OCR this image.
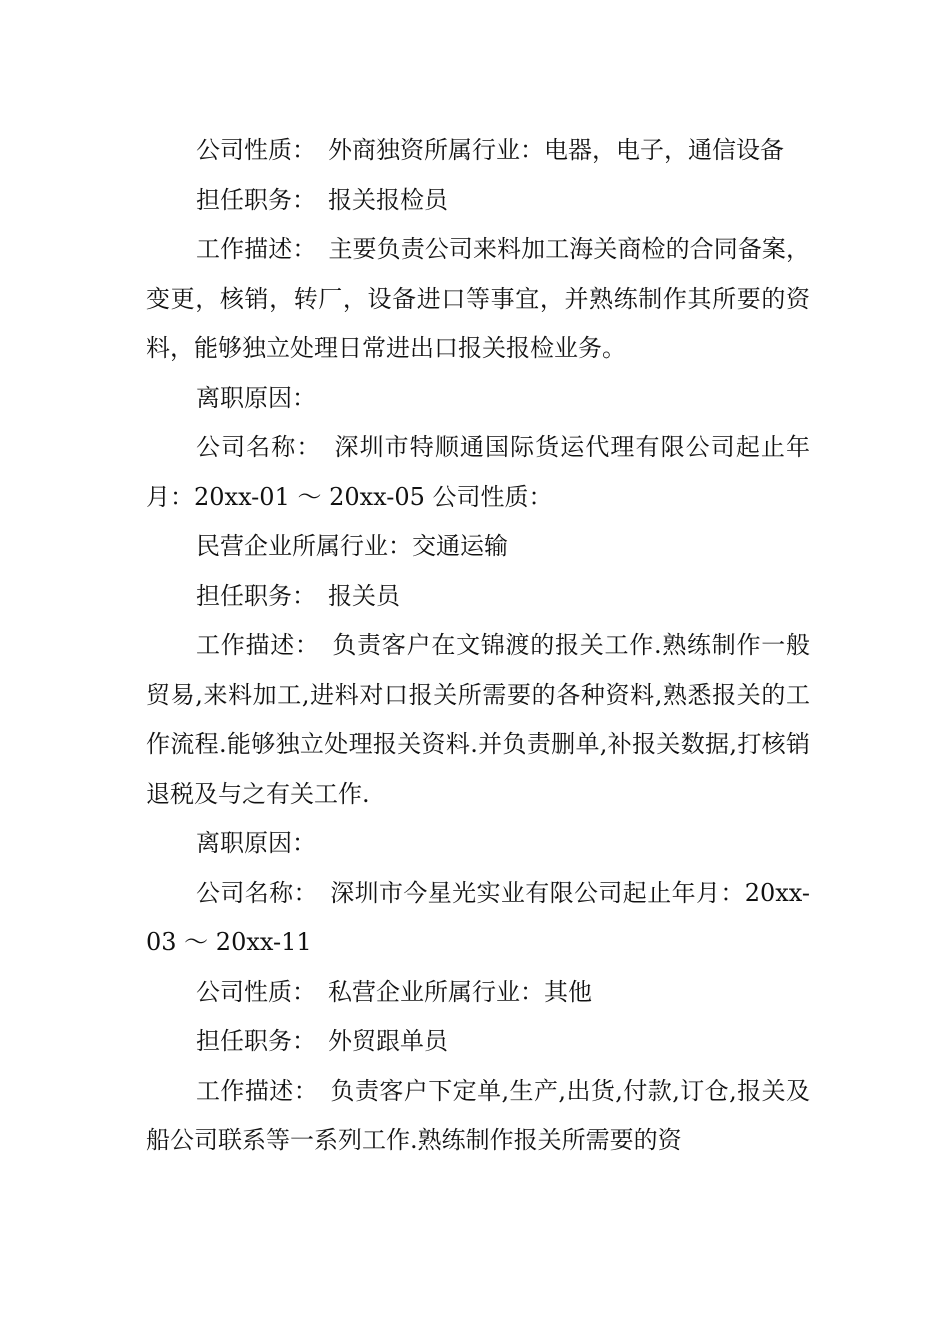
公司性质：　外商独资所属行业：电器，电子，通信设备

担任职务：　报关报检员

工作描述：　主要负责公司来料加工海关商检的合同备案，变更，核销，转厂，设备进口等事宜，并熟练制作其所要的资料，能够独立处理日常进出口报关报检业务。

离职原因：

公司名称：　深圳市特顺通国际货运代理有限公司起止年月：20xx-01 ～ 20xx-05 公司性质：

民营企业所属行业：交通运输

担任职务：　报关员

工作描述：　负责客户在文锦渡的报关工作.熟练制作一般贸易,来料加工,进料对口报关所需要的各种资料,熟悉报关的工作流程.能够独立处理报关资料.并负责删单,补报关数据,打核销退税及与之有关工作.

离职原因：

公司名称：　深圳市今星光实业有限公司起止年月：20xx-03 ～ 20xx-11

公司性质：　私营企业所属行业：其他

担任职务：　外贸跟单员

工作描述：　负责客户下定单,生产,出货,付款,订仓,报关及船公司联系等一系列工作.熟练制作报关所需要的资
